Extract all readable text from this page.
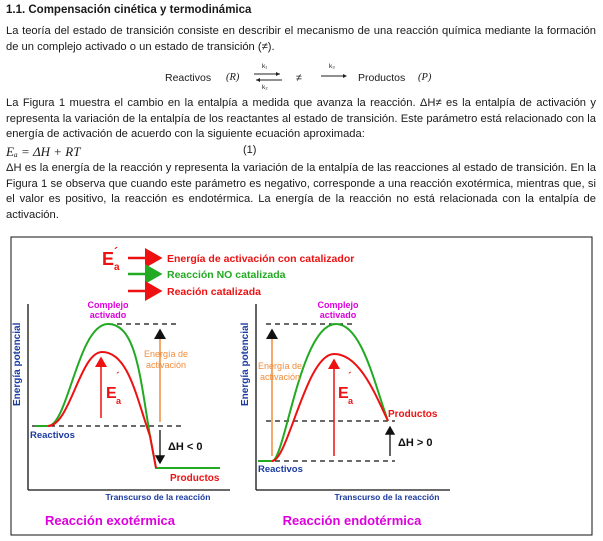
1.1. Compensación cinética y termodinámica

La teoría del estado de transición consiste en describir el mecanismo de una reacción química mediante la formación de un complejo activado o un estado de transición (≠).

Reactivos (R)
k₁
k₂
≠
k₃
Productos (P)

La Figura 1 muestra el cambio en la entalpía a medida que avanza la reacción. ΔH≠ es la entalpía de activación y representa la variación de la entalpía de los reactantes al estado de transición. Este parámetro está relacionado con la energía de activación de acuerdo con la siguiente ecuación aproximada:

Eₐ = ΔH + RT	(1)

ΔH es la energía de la reacción y representa la variación de la entalpía de las reacciones al estado de transición. En la Figura 1 se observa que cuando este parámetro es negativo, corresponde a una reacción exotérmica, mientras que, si el valor es positivo, la reacción es endotérmica. La energía de la reacción no está relacionada con la entalpía de activación.

E a
´	Energía de activación con catalizador
Reacción NO catalizada
Reación catalizada
Energía potencial
Complejo
activado
E
´
a
Energía de
activación
ΔH < 0
Reactivos
Productos
Transcurso de la reacción
Reacción exotérmica
Energía potencial
Complejo
activado
E
´
a
Energía de
activación
ΔH > 0
Reactivos
Productos
Transcurso de la reacción
Reacción endotérmica
